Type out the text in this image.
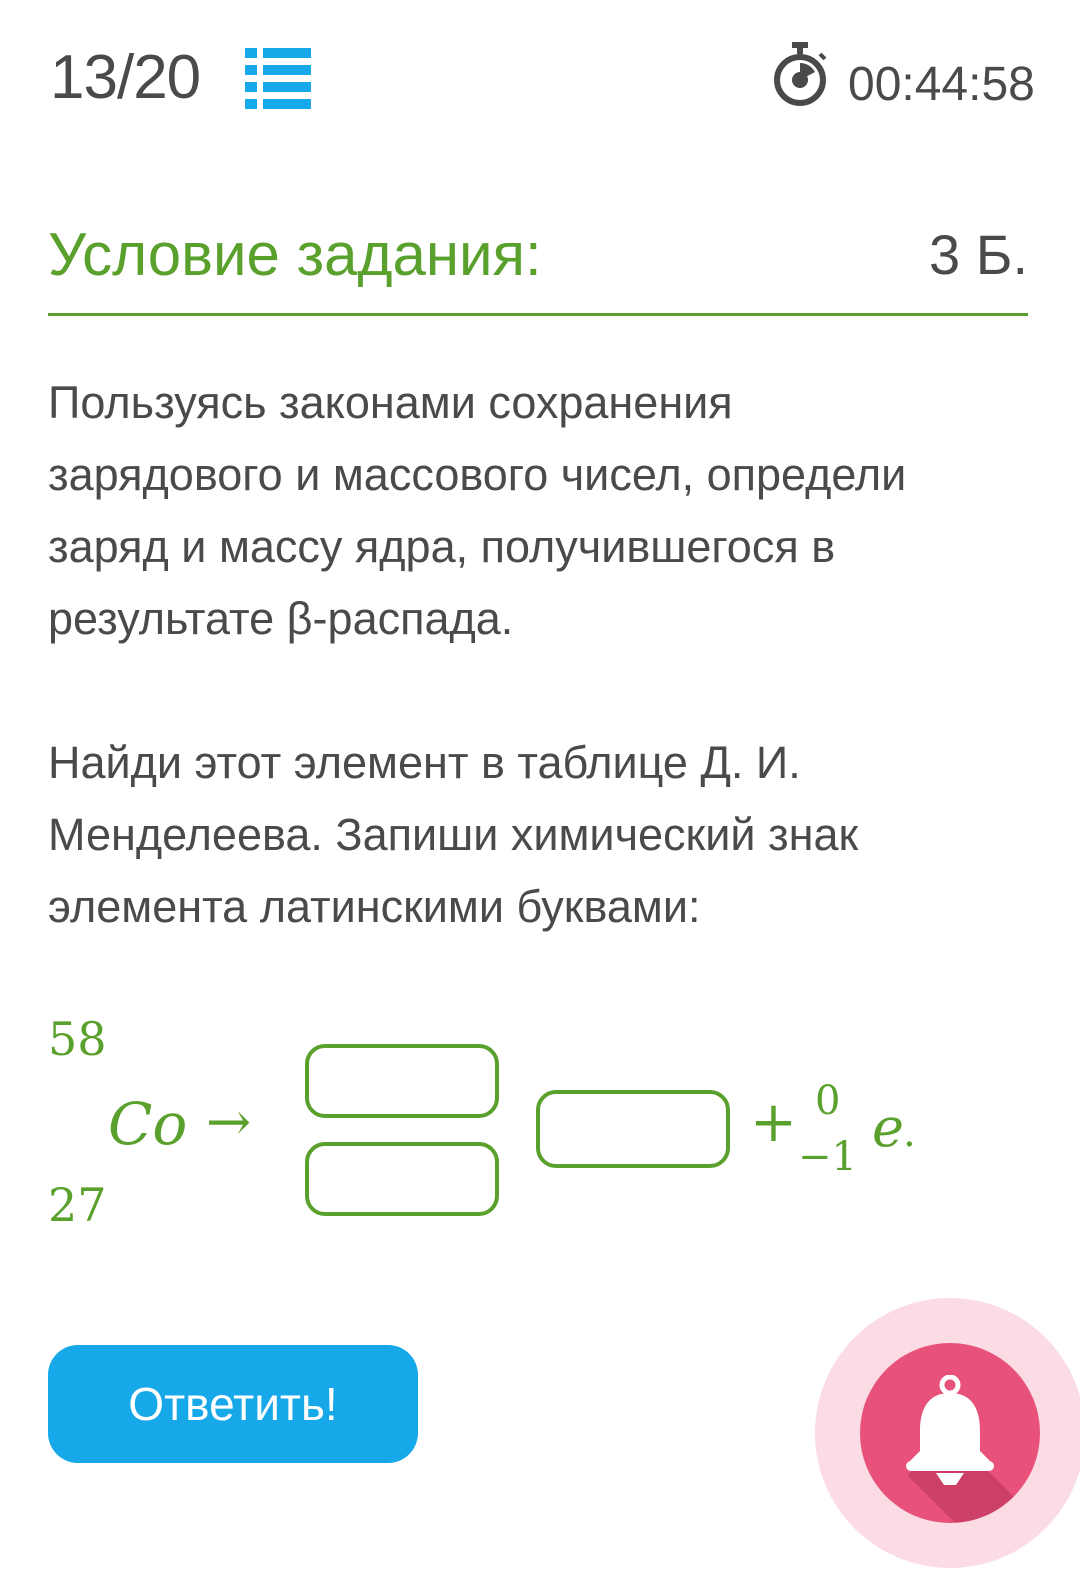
13/20	00:44:58
Условие задания:	3 Б.

Пользуясь законами сохранения

зарядового и массового чисел, определи

заряд и массу ядра, получившегося в

результате β-распада.

Найди этот элемент в таблице Д. И.

Менделеева. Запиши химический знак

элемента латинскими буквами:

58
Co →
27
+ 0
−1 e .
Ответить!
